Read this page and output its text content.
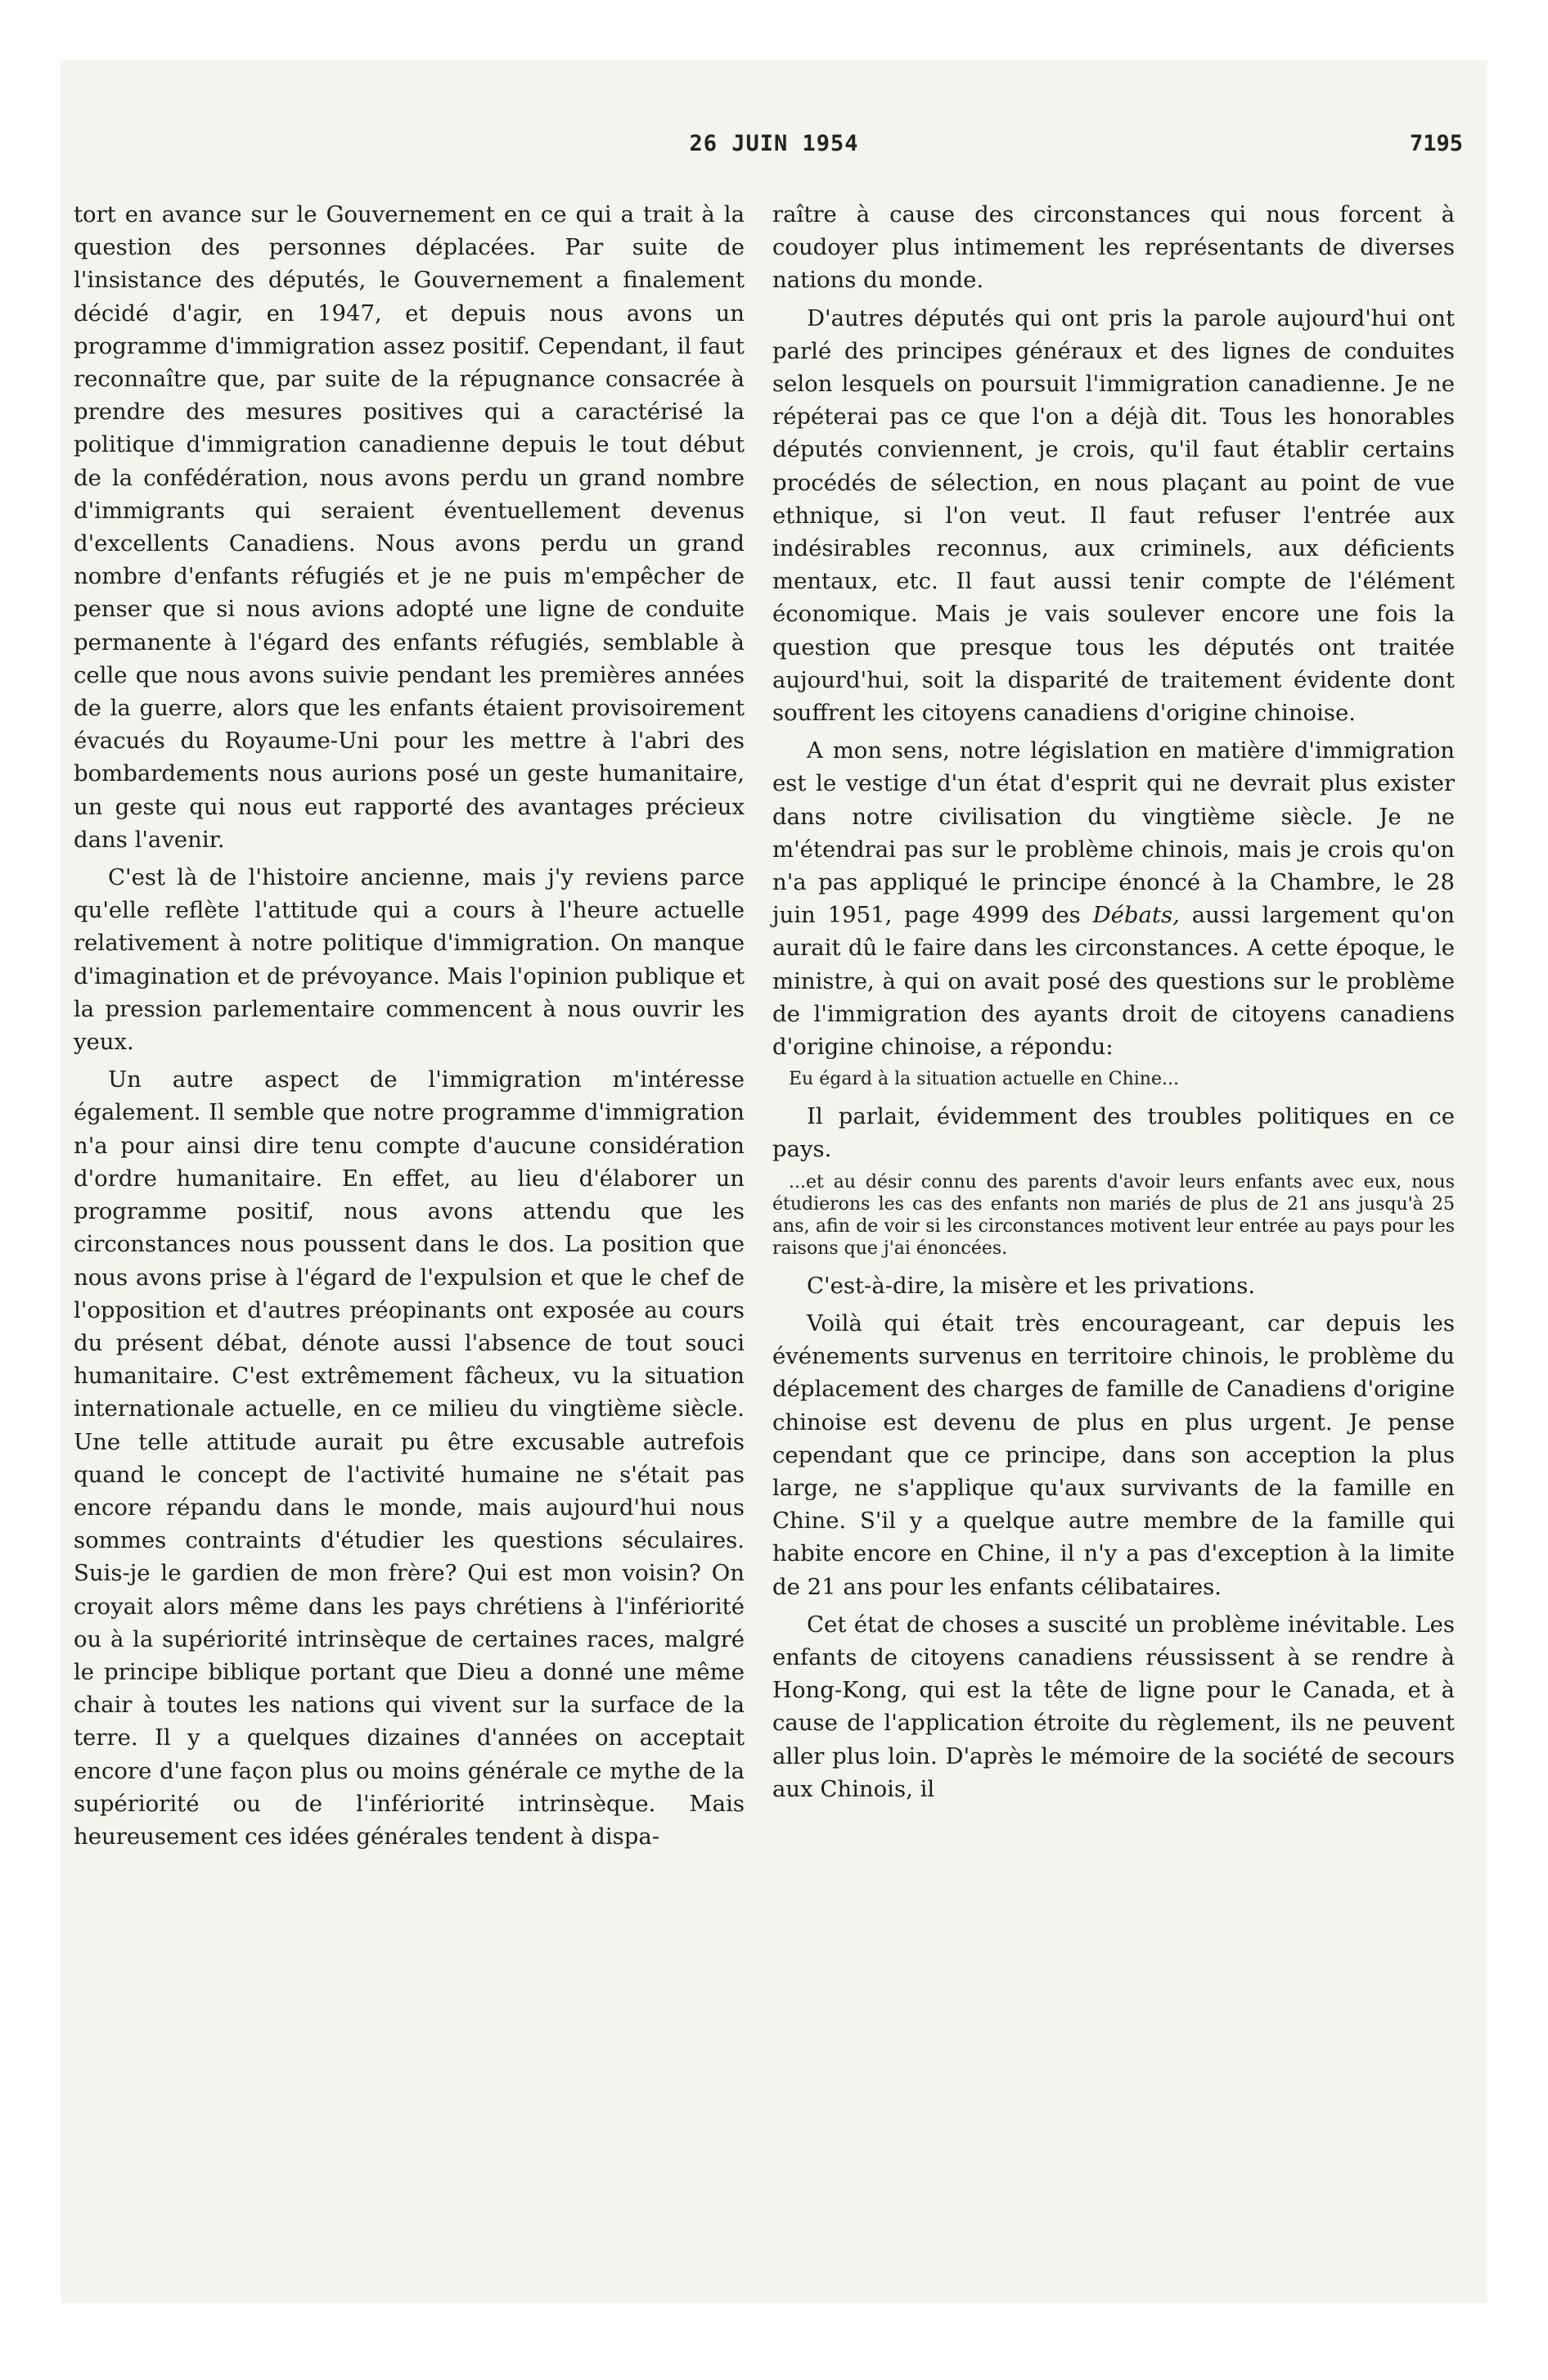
26 JUIN 1954	7195

tort en avance sur le Gouvernement en ce qui a trait à la question des personnes déplacées. Par suite de l'insistance des députés, le Gouvernement a finalement décidé d'agir, en 1947, et depuis nous avons un programme d'immigration assez positif. Cependant, il faut reconnaître que, par suite de la répugnance consacrée à prendre des mesures positives qui a caractérisé la politique d'immigration canadienne depuis le tout début de la confédération, nous avons perdu un grand nombre d'immigrants qui seraient éventuellement devenus d'excellents Canadiens. Nous avons perdu un grand nombre d'enfants réfugiés et je ne puis m'empêcher de penser que si nous avions adopté une ligne de conduite permanente à l'égard des enfants réfugiés, semblable à celle que nous avons suivie pendant les premières années de la guerre, alors que les enfants étaient provisoirement évacués du Royaume-Uni pour les mettre à l'abri des bombardements nous aurions posé un geste humanitaire, un geste qui nous eut rapporté des avantages précieux dans l'avenir.

C'est là de l'histoire ancienne, mais j'y reviens parce qu'elle reflète l'attitude qui a cours à l'heure actuelle relativement à notre politique d'immigration. On manque d'imagination et de prévoyance. Mais l'opinion publique et la pression parlementaire commencent à nous ouvrir les yeux.

Un autre aspect de l'immigration m'intéresse également. Il semble que notre programme d'immigration n'a pour ainsi dire tenu compte d'aucune considération d'ordre humanitaire. En effet, au lieu d'élaborer un programme positif, nous avons attendu que les circonstances nous poussent dans le dos. La position que nous avons prise à l'égard de l'expulsion et que le chef de l'opposition et d'autres préopinants ont exposée au cours du présent débat, dénote aussi l'absence de tout souci humanitaire. C'est extrêmement fâcheux, vu la situation internationale actuelle, en ce milieu du vingtième siècle. Une telle attitude aurait pu être excusable autrefois quand le concept de l'activité humaine ne s'était pas encore répandu dans le monde, mais aujourd'hui nous sommes contraints d'étudier les questions séculaires. Suis-je le gardien de mon frère? Qui est mon voisin? On croyait alors même dans les pays chrétiens à l'infériorité ou à la supériorité intrinsèque de certaines races, malgré le principe biblique portant que Dieu a donné une même chair à toutes les nations qui vivent sur la surface de la terre. Il y a quelques dizaines d'années on acceptait encore d'une façon plus ou moins générale ce mythe de la supériorité ou de l'infériorité intrinsèque. Mais heureusement ces idées générales tendent à dispa-

raître à cause des circonstances qui nous forcent à coudoyer plus intimement les représentants de diverses nations du monde.

D'autres députés qui ont pris la parole aujourd'hui ont parlé des principes généraux et des lignes de conduites selon lesquels on poursuit l'immigration canadienne. Je ne répéterai pas ce que l'on a déjà dit. Tous les honorables députés conviennent, je crois, qu'il faut établir certains procédés de sélection, en nous plaçant au point de vue ethnique, si l'on veut. Il faut refuser l'entrée aux indésirables reconnus, aux criminels, aux déficients mentaux, etc. Il faut aussi tenir compte de l'élément économique. Mais je vais soulever encore une fois la question que presque tous les députés ont traitée aujourd'hui, soit la disparité de traitement évidente dont souffrent les citoyens canadiens d'origine chinoise.

A mon sens, notre législation en matière d'immigration est le vestige d'un état d'esprit qui ne devrait plus exister dans notre civilisation du vingtième siècle. Je ne m'étendrai pas sur le problème chinois, mais je crois qu'on n'a pas appliqué le principe énoncé à la Chambre, le 28 juin 1951, page 4999 des Débats, aussi largement qu'on aurait dû le faire dans les circonstances. A cette époque, le ministre, à qui on avait posé des questions sur le problème de l'immigration des ayants droit de citoyens canadiens d'origine chinoise, a répondu:

Eu égard à la situation actuelle en Chine...

Il parlait, évidemment des troubles politiques en ce pays.

...et au désir connu des parents d'avoir leurs enfants avec eux, nous étudierons les cas des enfants non mariés de plus de 21 ans jusqu'à 25 ans, afin de voir si les circonstances motivent leur entrée au pays pour les raisons que j'ai énoncées.

C'est-à-dire, la misère et les privations.

Voilà qui était très encourageant, car depuis les événements survenus en territoire chinois, le problème du déplacement des charges de famille de Canadiens d'origine chinoise est devenu de plus en plus urgent. Je pense cependant que ce principe, dans son acception la plus large, ne s'applique qu'aux survivants de la famille en Chine. S'il y a quelque autre membre de la famille qui habite encore en Chine, il n'y a pas d'exception à la limite de 21 ans pour les enfants célibataires.

Cet état de choses a suscité un problème inévitable. Les enfants de citoyens canadiens réussissent à se rendre à Hong-Kong, qui est la tête de ligne pour le Canada, et à cause de l'application étroite du règlement, ils ne peuvent aller plus loin. D'après le mémoire de la société de secours aux Chinois, il
